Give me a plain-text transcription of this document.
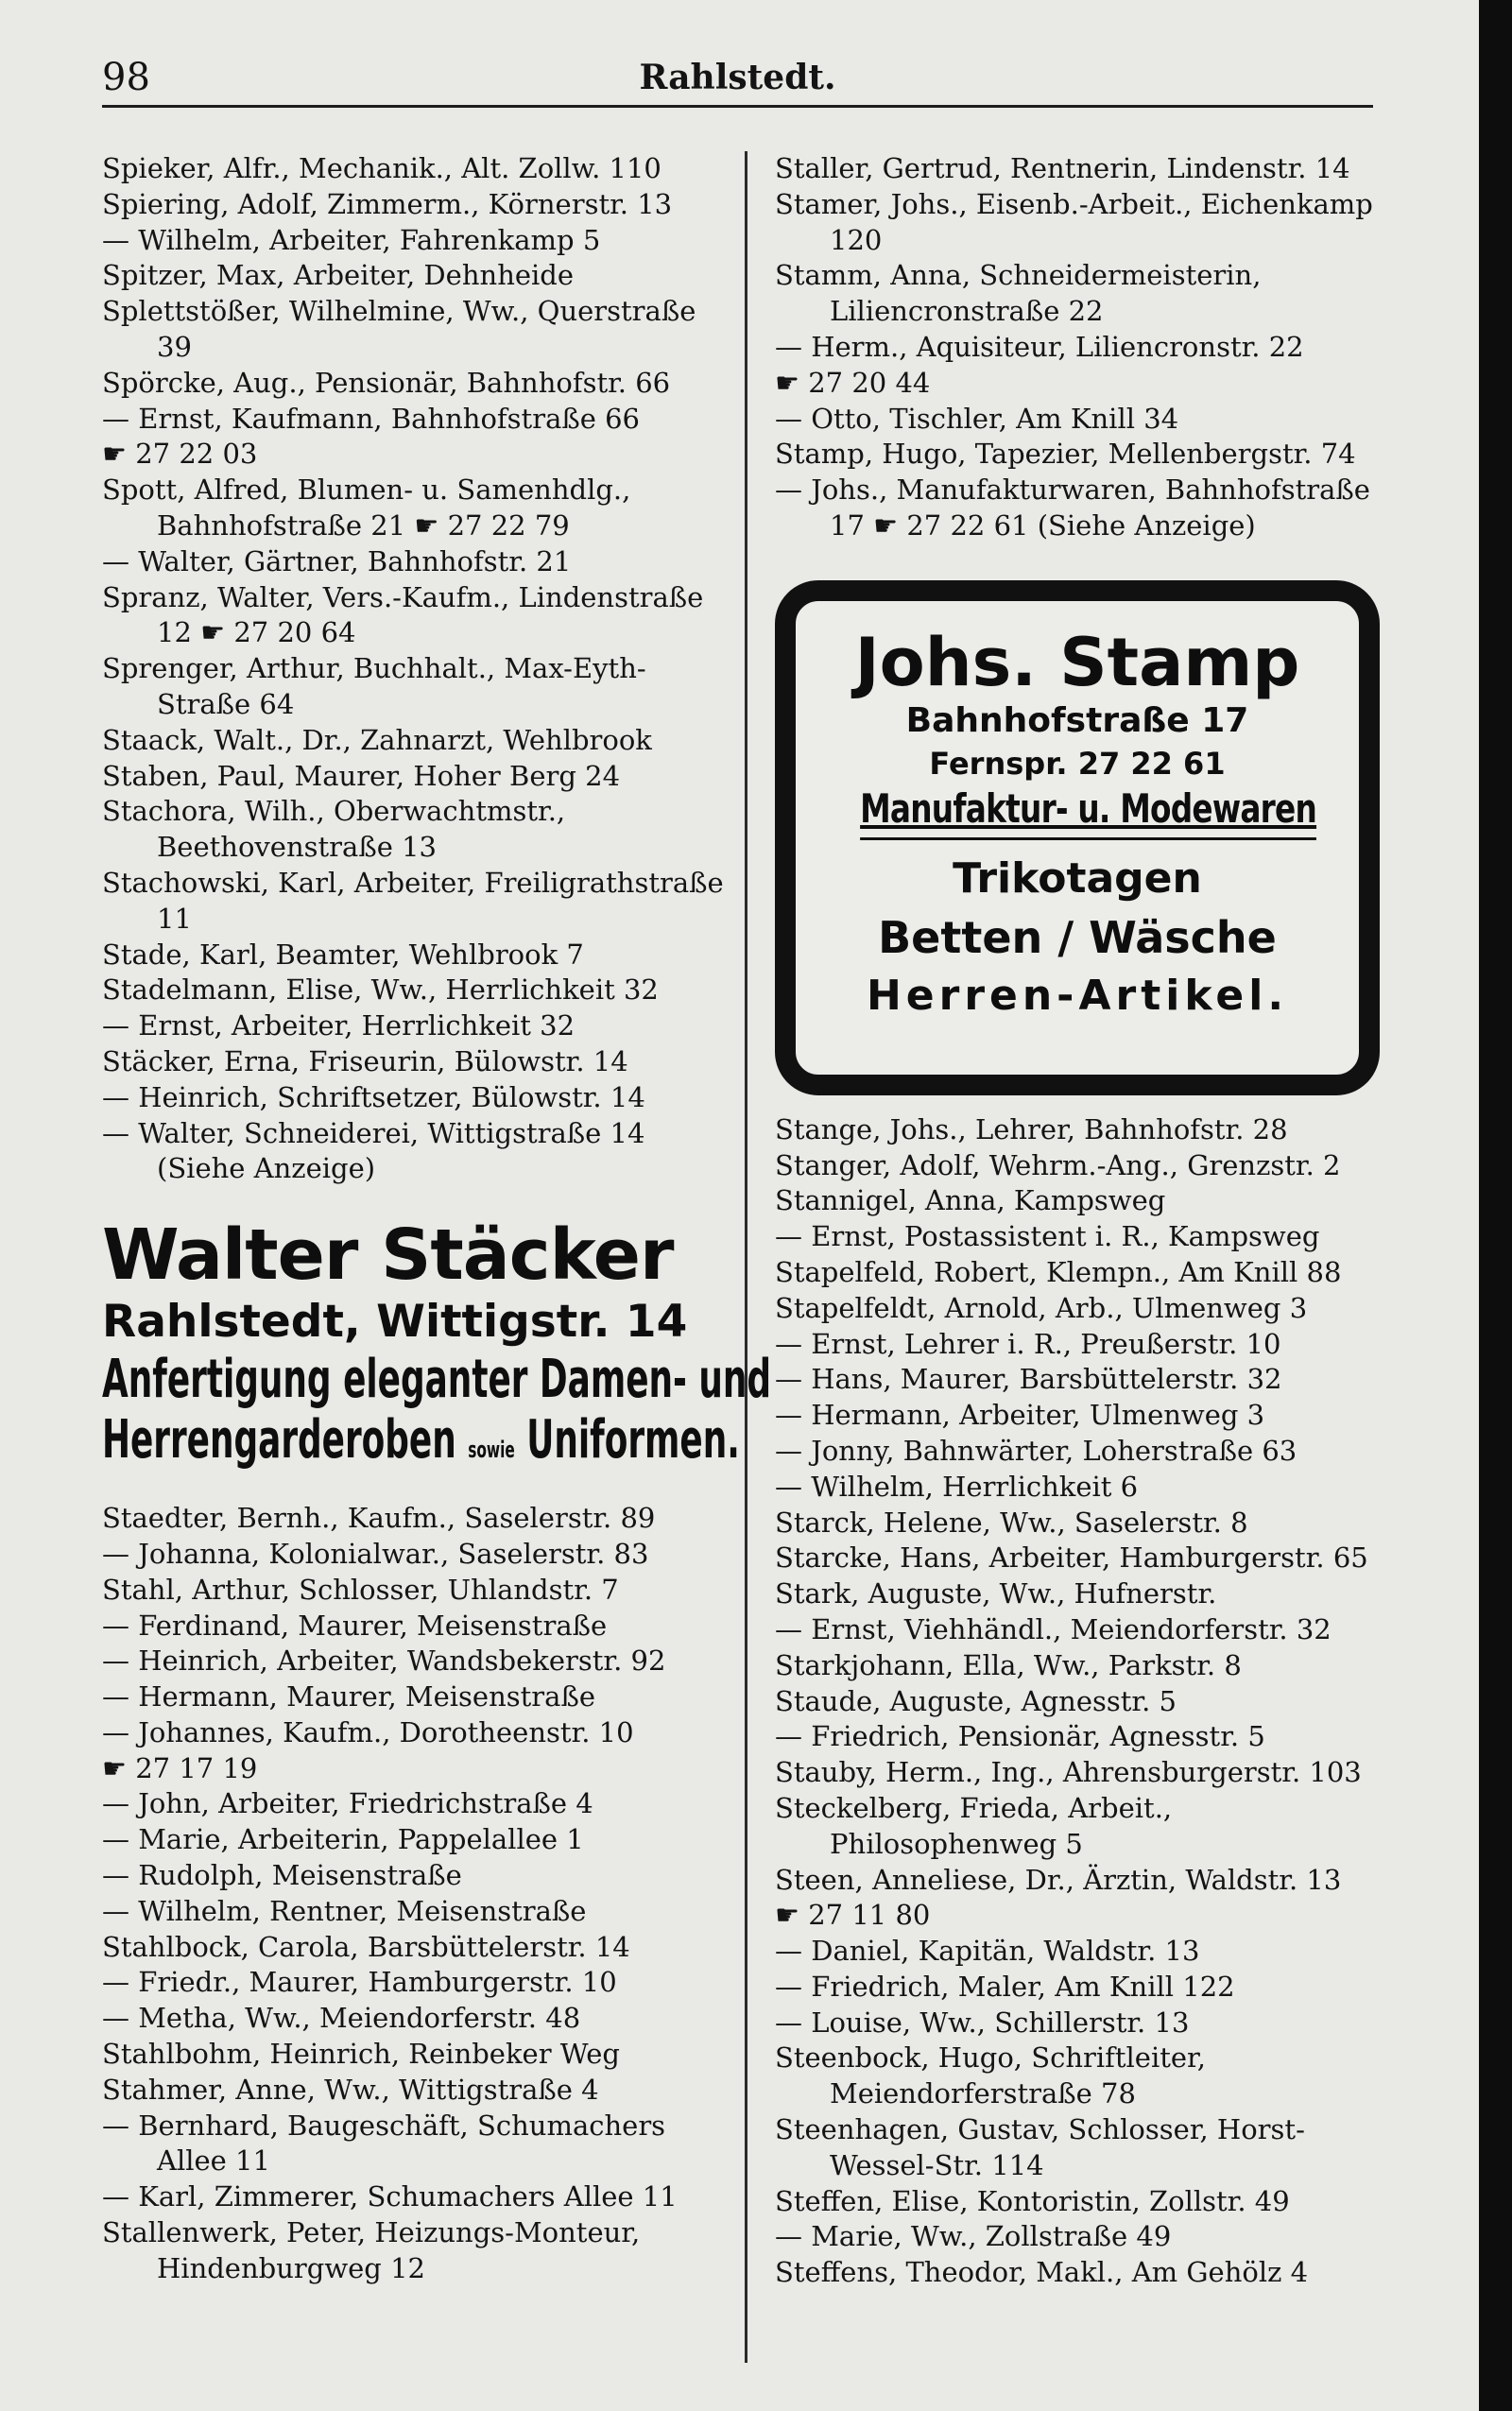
98	Rahlstedt.
Spieker, Alfr., Mechanik., Alt. Zollw. 110
Spiering, Adolf, Zimmerm., Körnerstr. 13
— Wilhelm, Arbeiter, Fahrenkamp 5
Spitzer, Max, Arbeiter, Dehnheide
Splettstößer, Wilhelmine, Ww., Querstraße 39
Spörcke, Aug., Pensionär, Bahnhofstr. 66
— Ernst, Kaufmann, Bahnhofstraße 66
☛ 27 22 03
Spott, Alfred, Blumen- u. Samenhdlg., Bahnhofstraße 21 ☛ 27 22 79
— Walter, Gärtner, Bahnhofstr. 21
Spranz, Walter, Vers.-Kaufm., Lindenstraße 12 ☛ 27 20 64
Sprenger, Arthur, Buchhalt., Max-Eyth-Straße 64
Staack, Walt., Dr., Zahnarzt, Wehlbrook
Staben, Paul, Maurer, Hoher Berg 24
Stachora, Wilh., Oberwachtmstr., Beethovenstraße 13
Stachowski, Karl, Arbeiter, Freiligrathstraße 11
Stade, Karl, Beamter, Wehlbrook 7
Stadelmann, Elise, Ww., Herrlichkeit 32
— Ernst, Arbeiter, Herrlichkeit 32
Stäcker, Erna, Friseurin, Bülowstr. 14
— Heinrich, Schriftsetzer, Bülowstr. 14
— Walter, Schneiderei, Wittigstraße 14 (Siehe Anzeige)
Walter Stäcker
Rahlstedt, Wittigstr. 14
Anfertigung eleganter Damen- und
Herrengarderoben sowie Uniformen.
Staedter, Bernh., Kaufm., Saselerstr. 89
— Johanna, Kolonialwar., Saselerstr. 83
Stahl, Arthur, Schlosser, Uhlandstr. 7
— Ferdinand, Maurer, Meisenstraße
— Heinrich, Arbeiter, Wandsbekerstr. 92
— Hermann, Maurer, Meisenstraße
— Johannes, Kaufm., Dorotheenstr. 10
☛ 27 17 19
— John, Arbeiter, Friedrichstraße 4
— Marie, Arbeiterin, Pappelallee 1
— Rudolph, Meisenstraße
— Wilhelm, Rentner, Meisenstraße
Stahlbock, Carola, Barsbüttelerstr. 14
— Friedr., Maurer, Hamburgerstr. 10
— Metha, Ww., Meiendorferstr. 48
Stahlbohm, Heinrich, Reinbeker Weg
Stahmer, Anne, Ww., Wittigstraße 4
— Bernhard, Baugeschäft, Schumachers Allee 11
— Karl, Zimmerer, Schumachers Allee 11
Stallenwerk, Peter, Heizungs-Monteur, Hindenburgweg 12
Staller, Gertrud, Rentnerin, Lindenstr. 14
Stamer, Johs., Eisenb.-Arbeit., Eichenkamp 120
Stamm, Anna, Schneidermeisterin, Liliencronstraße 22
— Herm., Aquisiteur, Liliencronstr. 22
☛ 27 20 44
— Otto, Tischler, Am Knill 34
Stamp, Hugo, Tapezier, Mellenbergstr. 74
— Johs., Manufakturwaren, Bahnhofstraße 17 ☛ 27 22 61 (Siehe Anzeige)
Johs. Stamp
Bahnhofstraße 17
Fernspr. 27 22 61
Manufaktur- u. Modewaren
Trikotagen
Betten / Wäsche
Herren-Artikel.
Stange, Johs., Lehrer, Bahnhofstr. 28
Stanger, Adolf, Wehrm.-Ang., Grenzstr. 2
Stannigel, Anna, Kampsweg
— Ernst, Postassistent i. R., Kampsweg
Stapelfeld, Robert, Klempn., Am Knill 88
Stapelfeldt, Arnold, Arb., Ulmenweg 3
— Ernst, Lehrer i. R., Preußerstr. 10
— Hans, Maurer, Barsbüttelerstr. 32
— Hermann, Arbeiter, Ulmenweg 3
— Jonny, Bahnwärter, Loherstraße 63
— Wilhelm, Herrlichkeit 6
Starck, Helene, Ww., Saselerstr. 8
Starcke, Hans, Arbeiter, Hamburgerstr. 65
Stark, Auguste, Ww., Hufnerstr.
— Ernst, Viehhändl., Meiendorferstr. 32
Starkjohann, Ella, Ww., Parkstr. 8
Staude, Auguste, Agnesstr. 5
— Friedrich, Pensionär, Agnesstr. 5
Stauby, Herm., Ing., Ahrensburgerstr. 103
Steckelberg, Frieda, Arbeit., Philosophenweg 5
Steen, Anneliese, Dr., Ärztin, Waldstr. 13
☛ 27 11 80
— Daniel, Kapitän, Waldstr. 13
— Friedrich, Maler, Am Knill 122
— Louise, Ww., Schillerstr. 13
Steenbock, Hugo, Schriftleiter, Meiendorferstraße 78
Steenhagen, Gustav, Schlosser, Horst-Wessel-Str. 114
Steffen, Elise, Kontoristin, Zollstr. 49
— Marie, Ww., Zollstraße 49
Steffens, Theodor, Makl., Am Gehölz 4
